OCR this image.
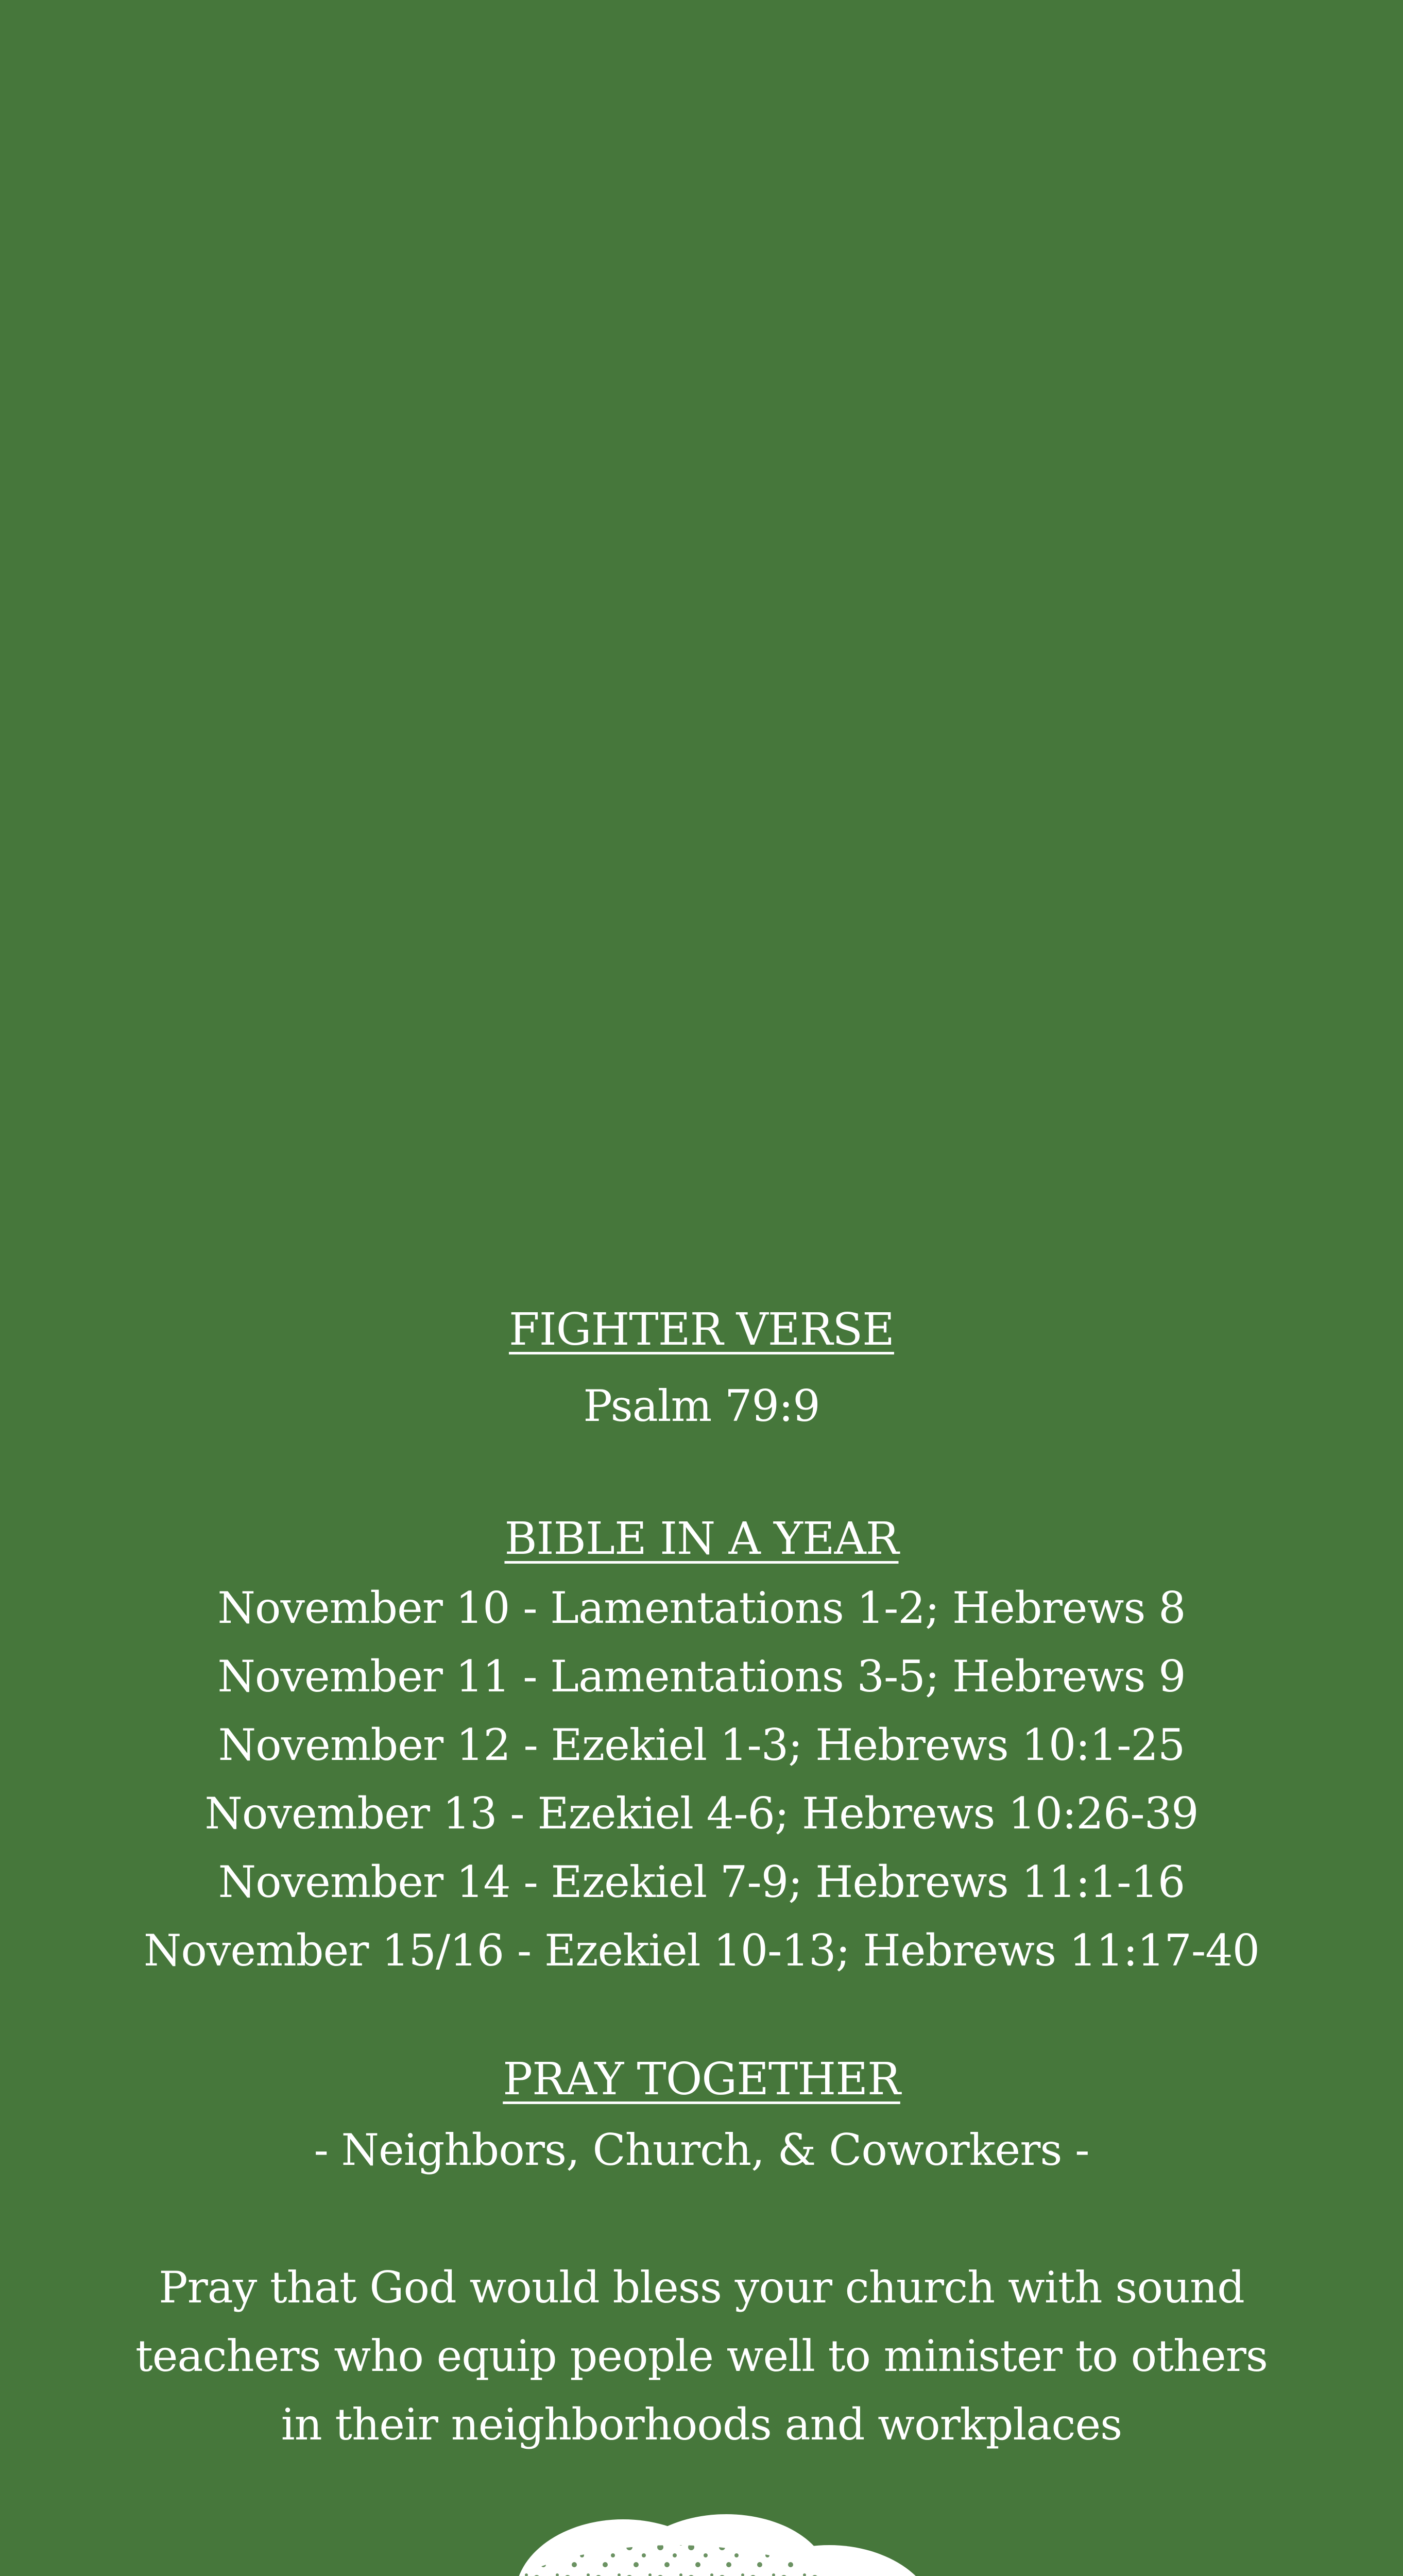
FIGHTER VERSE

Psalm 79:9

BIBLE IN A YEAR

November 10 - Lamentations 1-2; Hebrews 8

November 11 - Lamentations 3-5; Hebrews 9

November 12 - Ezekiel 1-3; Hebrews 10:1-25

November 13 - Ezekiel 4-6; Hebrews 10:26-39

November 14 - Ezekiel 7-9; Hebrews 11:1-16

November 15/16 - Ezekiel 10-13; Hebrews 11:17-40

PRAY TOGETHER

- Neighbors, Church, & Coworkers -

Pray that God would bless your church with sound

teachers who equip people well to minister to others

in their neighborhoods and workplaces
